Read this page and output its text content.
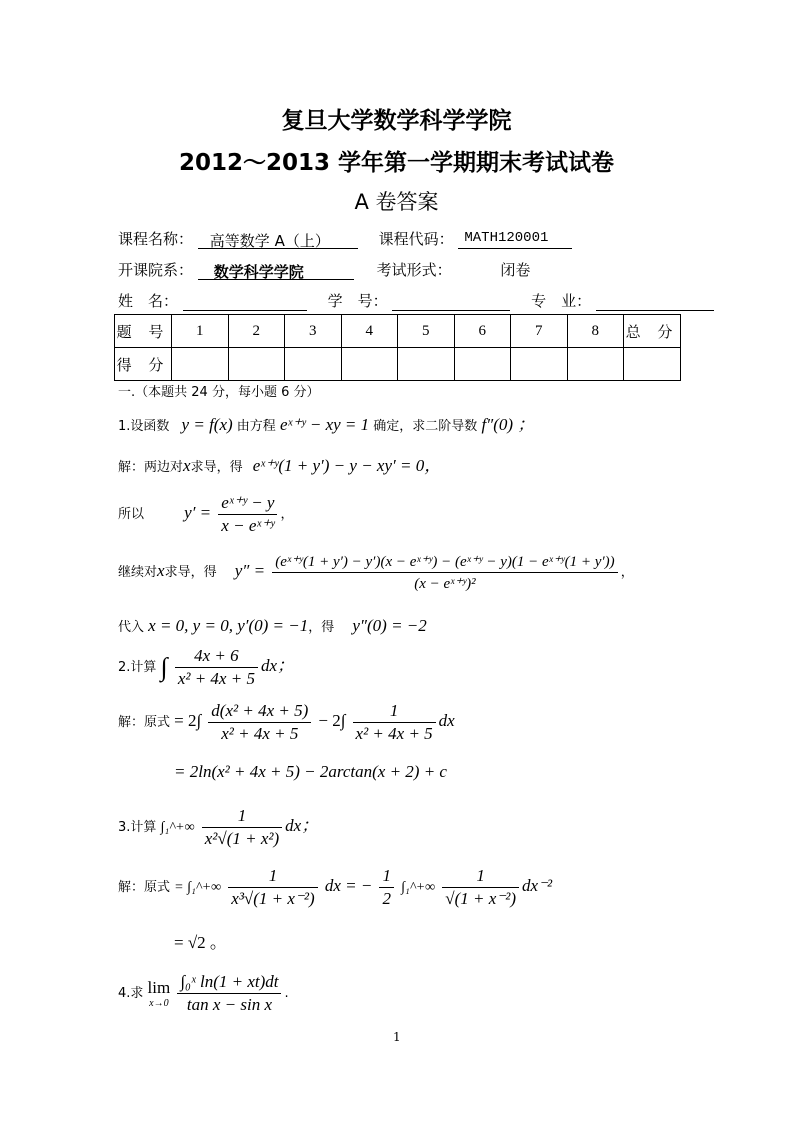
复旦大学数学科学学院
2012～2013 学年第一学期期末考试试卷
A 卷答案
课程名称： 高等数学 A（上）	课程代码： MATH120001
开课院系： 数学科学学院	考试形式：	闭卷
姓　名：	学　号：	专　业：
题 号	1	2	3	4	5	6	7	8	总 分
得 分									
一.（本题共 24 分，每小题 6 分）
1.设函数 y = f(x) 由方程 eˣ⁺ʸ − xy = 1 确定，求二阶导数 f″(0) ；
解：两边对x求导，得 eˣ⁺ʸ(1 + y′) − y − xy′ = 0，
所以 $y' = \frac{\text{eˣ⁺ʸ − y}}{\text{x − eˣ⁺ʸ}}$ ，
继续对x求导，得 $y'' = \frac{\text{(eˣ⁺ʸ(1 + y′) − y′)(x − eˣ⁺ʸ) − (eˣ⁺ʸ − y)(1 − eˣ⁺ʸ(1 + y′))}}{\text{(x − eˣ⁺ʸ)²}}$ ，
代入 x = 0, y = 0, y′(0) = −1，得 y″(0) = −2
2.计算 ∫ $\frac{4x + 6}{\text{x² + 4x + 5}}$ dx；
解：原式 = $2\int \frac{\text{d(x² + 4x + 5)}}{\text{x² + 4x + 5}} - 2\int \frac{1}{\text{x² + 4x + 5}}$ dx
= 2ln(x² + 4x + 5) − 2arctan(x + 2) + c
3.计算 ∫₁^+∞ $\frac{1}{\text{x²√(1 + x²)}}$ dx；
解：原式 = ∫₁^+∞ $\frac{1}{\text{x³√(1 + x⁻²)}}$ dx = − $\frac{1}{2}$ ∫₁^+∞ $\frac{1}{\text{√(1 + x⁻²)}} dx^{-2}$
= √2 。
4.求 lim
x→0
$\frac{\text{∫₀ˣ ln(1 + xt)dt}}{\text{tan x − sin x}}$ .
1
